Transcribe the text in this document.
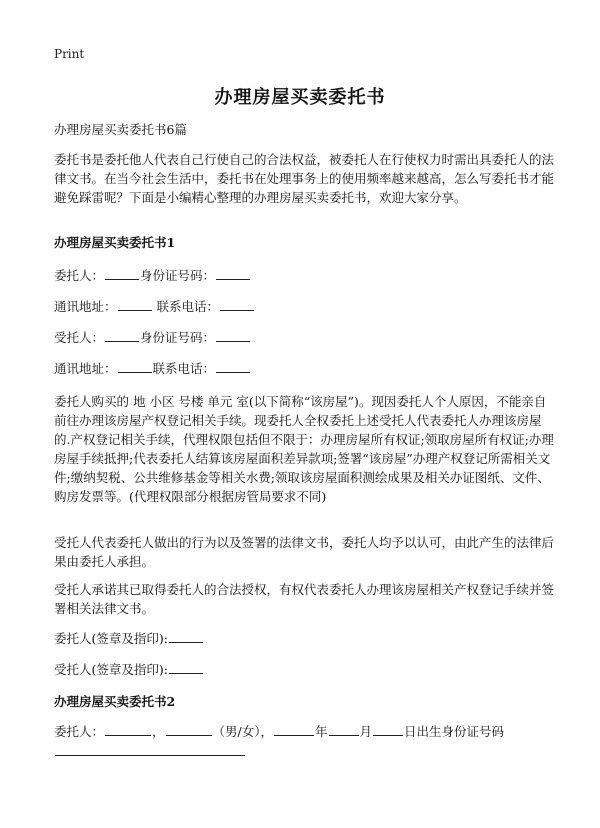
Print
办理房屋买卖委托书
办理房屋买卖委托书6篇
委托书是委托他人代表自己行使自己的合法权益，被委托人在行使权力时需出具委托人的法律文书。在当今社会生活中，委托书在处理事务上的使用频率越来越高，怎么写委托书才能避免踩雷呢？下面是小编精心整理的办理房屋买卖委托书，欢迎大家分享。
办理房屋买卖委托书1
委托人：	身份证号码：
通讯地址：	联系电话：
受托人：	身份证号码：
通讯地址：	联系电话：
委托人购买的 地 小区 号楼 单元 室(以下简称“该房屋”)。现因委托人个人原因，不能亲自前往办理该房屋产权登记相关手续。现委托人全权委托上述受托人代表委托人办理该房屋的.产权登记相关手续，代理权限包括但不限于：办理房屋所有权证;领取房屋所有权证;办理房屋手续抵押;代表委托人结算该房屋面积差异款项;签署“该房屋”办理产权登记所需相关文件;缴纳契税、公共维修基金等相关水费;领取该房屋面积测绘成果及相关办证图纸、文件、购房发票等。(代理权限部分根据房管局要求不同)
受托人代表委托人做出的行为以及签署的法律文书，委托人均予以认可，由此产生的法律后果由委托人承担。
受托人承诺其已取得委托人的合法授权，有权代表委托人办理该房屋相关产权登记手续并签署相关法律文书。
委托人(签章及指印):
受托人(签章及指印):
办理房屋买卖委托书2
委托人：	，	（男/女），	年	月	日出生身份证号码
